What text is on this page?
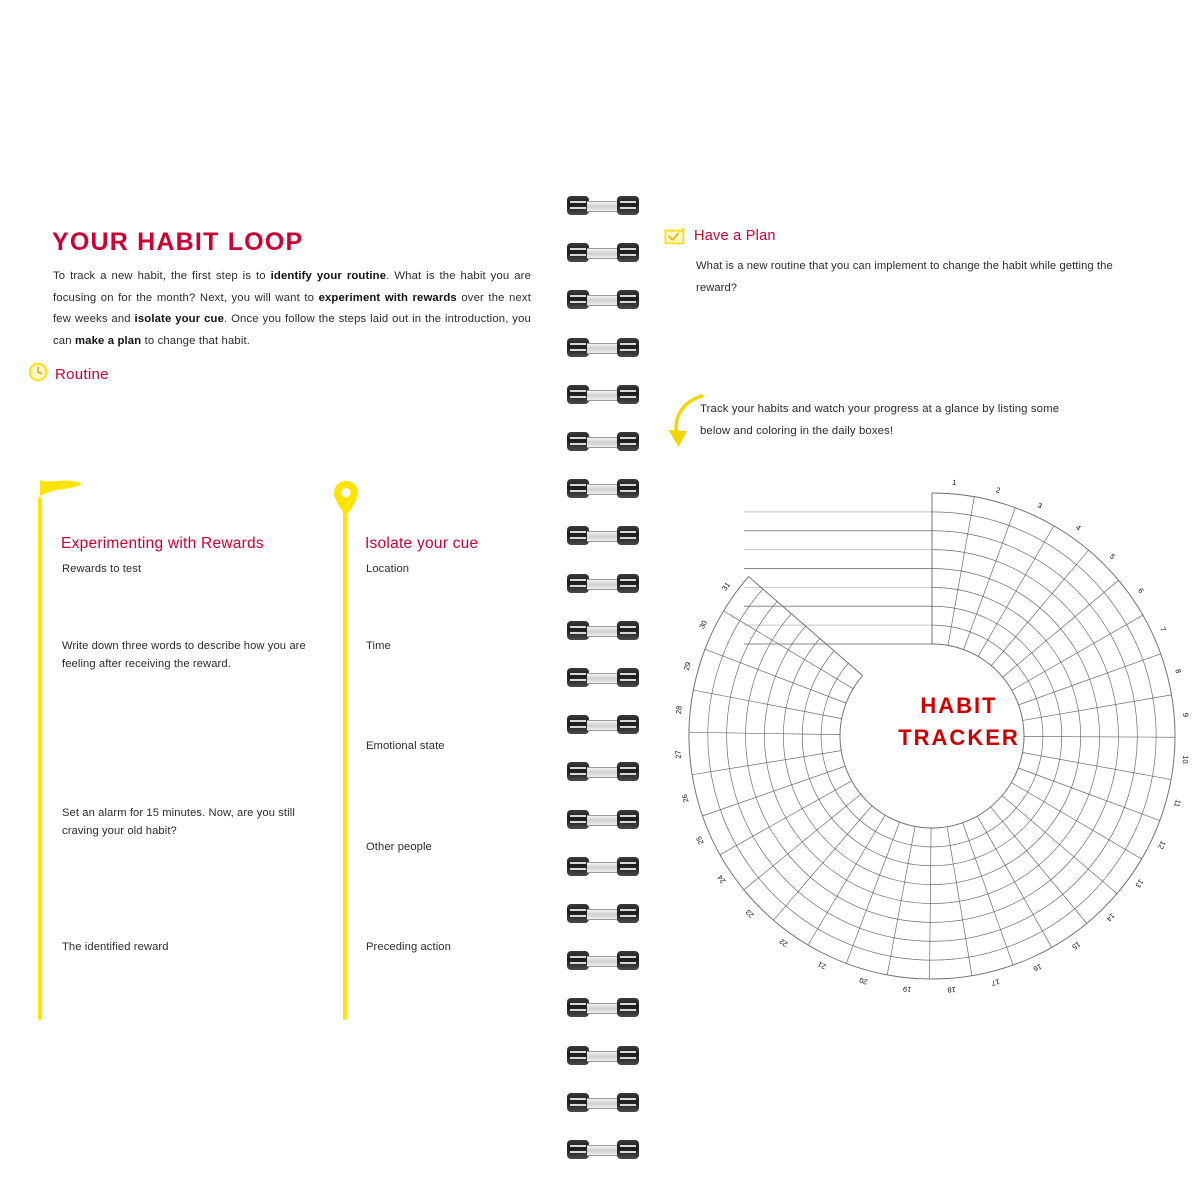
YOUR HABIT LOOP
To track a new habit, the first step is to identify your routine. What is the habit you are focusing on for the month? Next, you will want to experiment with rewards over the next few weeks and isolate your cue. Once you follow the steps laid out in the introduction, you can make a plan to change that habit.
Routine
Experimenting with Rewards
Rewards to test
Write down three words to describe how you are feeling after receiving the reward.
Set an alarm for 15 minutes. Now, are you still craving your old habit?
The identified reward
Isolate your cue
Location
Time
Emotional state
Other people
Preceding action
Have a Plan
What is a new routine that you can implement to change the habit while getting the reward?
Track your habits and watch your progress at a glance by listing some below and coloring in the daily boxes!
1
2
3
4
5
6
7
8
9
10
11
12
13
14
15
16
17
18
19
20
21
22
23
24
25
26
27
28
29
30
31
HABIT
TRACKER
